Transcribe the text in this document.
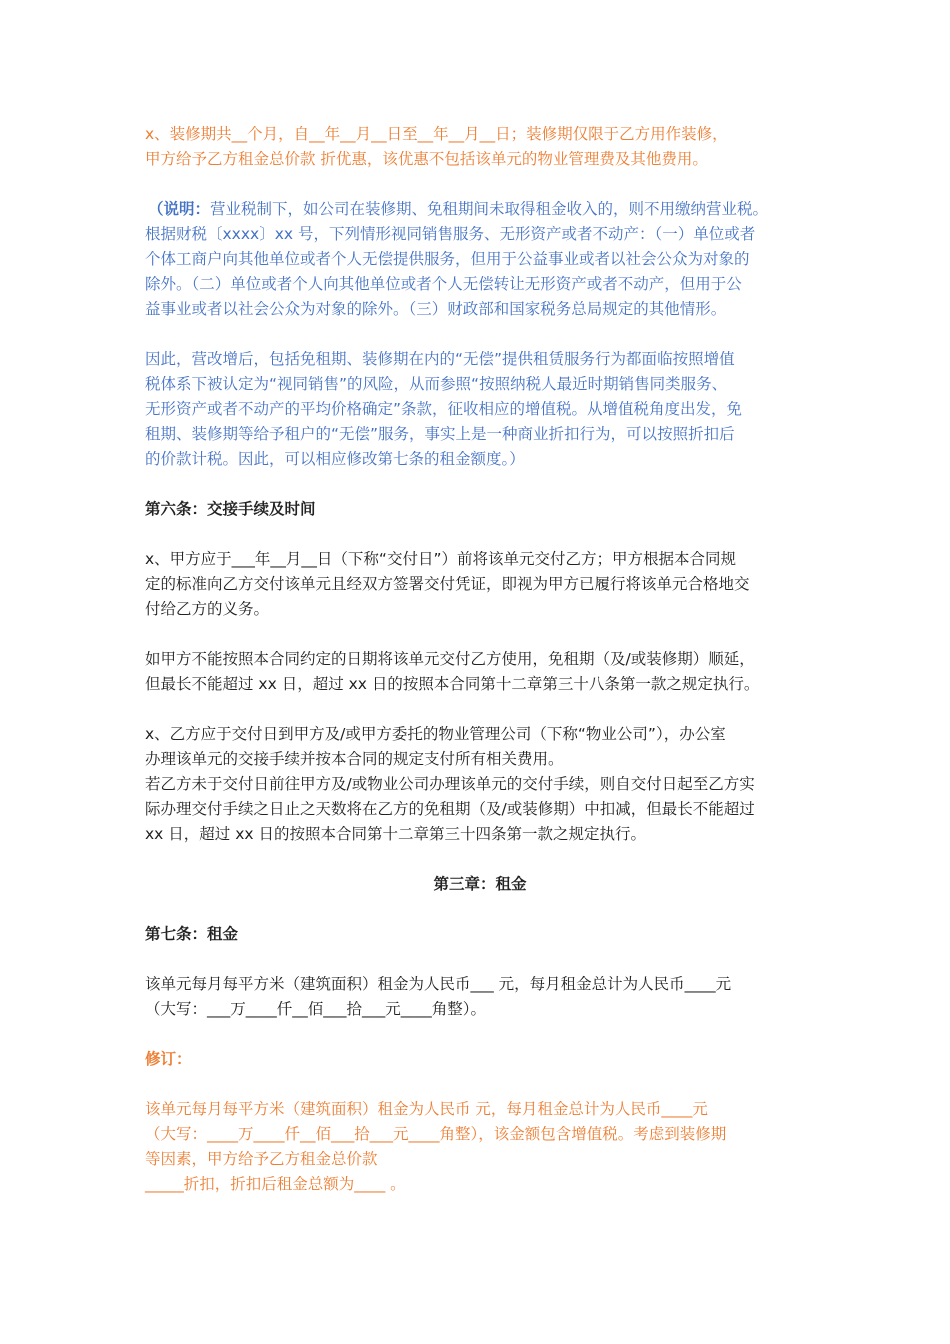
x、装修期共__个月，自__年__月__日至__年__月__日；装修期仅限于乙方用作装修，
甲方给予乙方租金总价款 折优惠，该优惠不包括该单元的物业管理费及其他费用。
（说明：营业税制下，如公司在装修期、免租期间未取得租金收入的，则不用缴纳营业税。
根据财税〔xxxx〕xx 号，下列情形视同销售服务、无形资产或者不动产：（一）单位或者
个体工商户向其他单位或者个人无偿提供服务，但用于公益事业或者以社会公众为对象的
除外。（二）单位或者个人向其他单位或者个人无偿转让无形资产或者不动产，但用于公
益事业或者以社会公众为对象的除外。（三）财政部和国家税务总局规定的其他情形。
因此，营改增后，包括免租期、装修期在内的“无偿”提供租赁服务行为都面临按照增值
税体系下被认定为“视同销售”的风险，从而参照“按照纳税人最近时期销售同类服务、
无形资产或者不动产的平均价格确定”条款，征收相应的增值税。从增值税角度出发，免
租期、装修期等给予租户的“无偿”服务，事实上是一种商业折扣行为，可以按照折扣后
的价款计税。因此，可以相应修改第七条的租金额度。）
第六条：交接手续及时间
x、甲方应于___年__月__日（下称“交付日”）前将该单元交付乙方；甲方根据本合同规
定的标准向乙方交付该单元且经双方签署交付凭证，即视为甲方已履行将该单元合格地交
付给乙方的义务。
如甲方不能按照本合同约定的日期将该单元交付乙方使用，免租期（及/或装修期）顺延，
但最长不能超过 xx 日，超过 xx 日的按照本合同第十二章第三十八条第一款之规定执行。
x、乙方应于交付日到甲方及/或甲方委托的物业管理公司（下称“物业公司”），办公室
办理该单元的交接手续并按本合同的规定支付所有相关费用。
若乙方未于交付日前往甲方及/或物业公司办理该单元的交付手续，则自交付日起至乙方实
际办理交付手续之日止之天数将在乙方的免租期（及/或装修期）中扣减，但最长不能超过
xx 日，超过 xx 日的按照本合同第十二章第三十四条第一款之规定执行。
第三章：租金
第七条：租金
该单元每月每平方米（建筑面积）租金为人民币___ 元，每月租金总计为人民币____元
（大写：___万____仟__佰___拾___元____角整）。
修订：
该单元每月每平方米（建筑面积）租金为人民币 元，每月租金总计为人民币____元
（大写：____万____仟__佰___拾___元____角整），该金额包含增值税。考虑到装修期
等因素，甲方给予乙方租金总价款
_____折扣，折扣后租金总额为____ 。
